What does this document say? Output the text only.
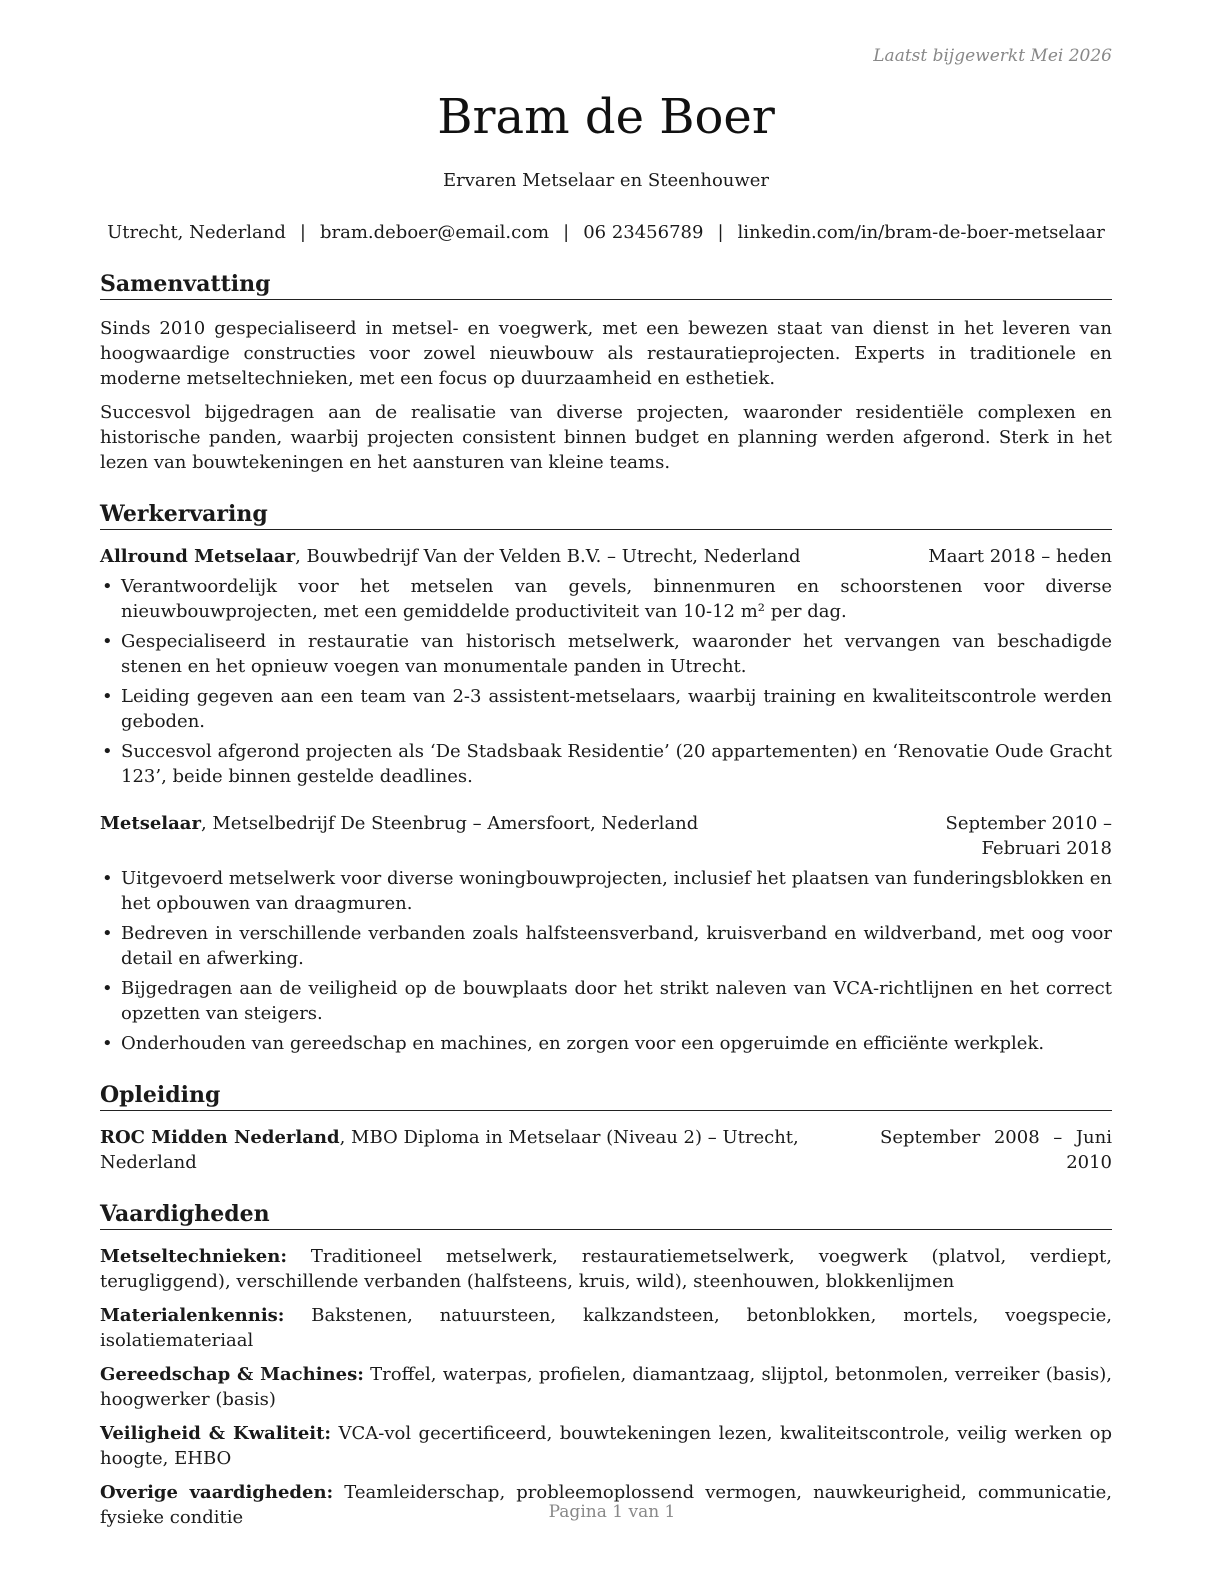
Laatst bijgewerkt Mei 2026

Bram de Boer

Ervaren Metselaar en Steenhouwer

Utrecht, Nederland | bram.deboer@email.com | 06 23456789 | linkedin.com/in/bram-de-boer-metselaar
Samenvatting

Sinds 2010 gespecialiseerd in metsel- en voegwerk, met een bewezen staat van dienst in het leveren van hoogwaardige constructies voor zowel nieuwbouw als restauratieprojecten. Experts in traditionele en moderne metseltechnieken, met een focus op duurzaamheid en esthetiek.

Succesvol bijgedragen aan de realisatie van diverse projecten, waaronder residentiële complexen en historische panden, waarbij projecten consistent binnen budget en planning werden afgerond. Sterk in het lezen van bouwtekeningen en het aansturen van kleine teams.

Werkervaring
Allround Metselaar, Bouwbedrijf Van der Velden B.V. – Utrecht, Nederland	Maart 2018 – heden
• Verantwoordelijk voor het metselen van gevels, binnenmuren en schoorstenen voor diverse nieuwbouwprojecten, met een gemiddelde productiviteit van 10-12 m² per dag.
• Gespecialiseerd in restauratie van historisch metselwerk, waaronder het vervangen van beschadigde stenen en het opnieuw voegen van monumentale panden in Utrecht.
• Leiding gegeven aan een team van 2-3 assistent-metselaars, waarbij training en kwaliteitscontrole werden geboden.
• Succesvol afgerond projecten als ‘De Stadsbaak Residentie’ (20 appartementen) en ‘Renovatie Oude Gracht 123’, beide binnen gestelde deadlines.
Metselaar, Metselbedrijf De Steenbrug – Amersfoort, Nederland	September 2010 – Februari 2018
• Uitgevoerd metselwerk voor diverse woningbouwprojecten, inclusief het plaatsen van funderingsblokken en het opbouwen van draagmuren.
• Bedreven in verschillende verbanden zoals halfsteensverband, kruisverband en wildverband, met oog voor detail en afwerking.
• Bijgedragen aan de veiligheid op de bouwplaats door het strikt naleven van VCA-richtlijnen en het correct opzetten van steigers.
• Onderhouden van gereedschap en machines, en zorgen voor een opgeruimde en efficiënte werkplek.
Opleiding
ROC Midden Nederland, MBO Diploma in Metselaar (Niveau 2) – Utrecht, Nederland
September 2008 – Juni 2010
Vaardigheden

Metseltechnieken: Traditioneel metselwerk, restauratiemetselwerk, voegwerk (platvol, verdiept, terugliggend), verschillende verbanden (halfsteens, kruis, wild), steenhouwen, blokkenlijmen

Materialenkennis: Bakstenen, natuursteen, kalkzandsteen, betonblokken, mortels, voegspecie, isolatiemateriaal

Gereedschap & Machines: Troffel, waterpas, profielen, diamantzaag, slijptol, betonmolen, verreiker (basis), hoogwerker (basis)

Veiligheid & Kwaliteit: VCA-vol gecertificeerd, bouwtekeningen lezen, kwaliteitscontrole, veilig werken op hoogte, EHBO

Overige vaardigheden: Teamleiderschap, probleemoplossend vermogen, nauwkeurigheid, communicatie, fysieke conditie	Pagina 1 van 1
